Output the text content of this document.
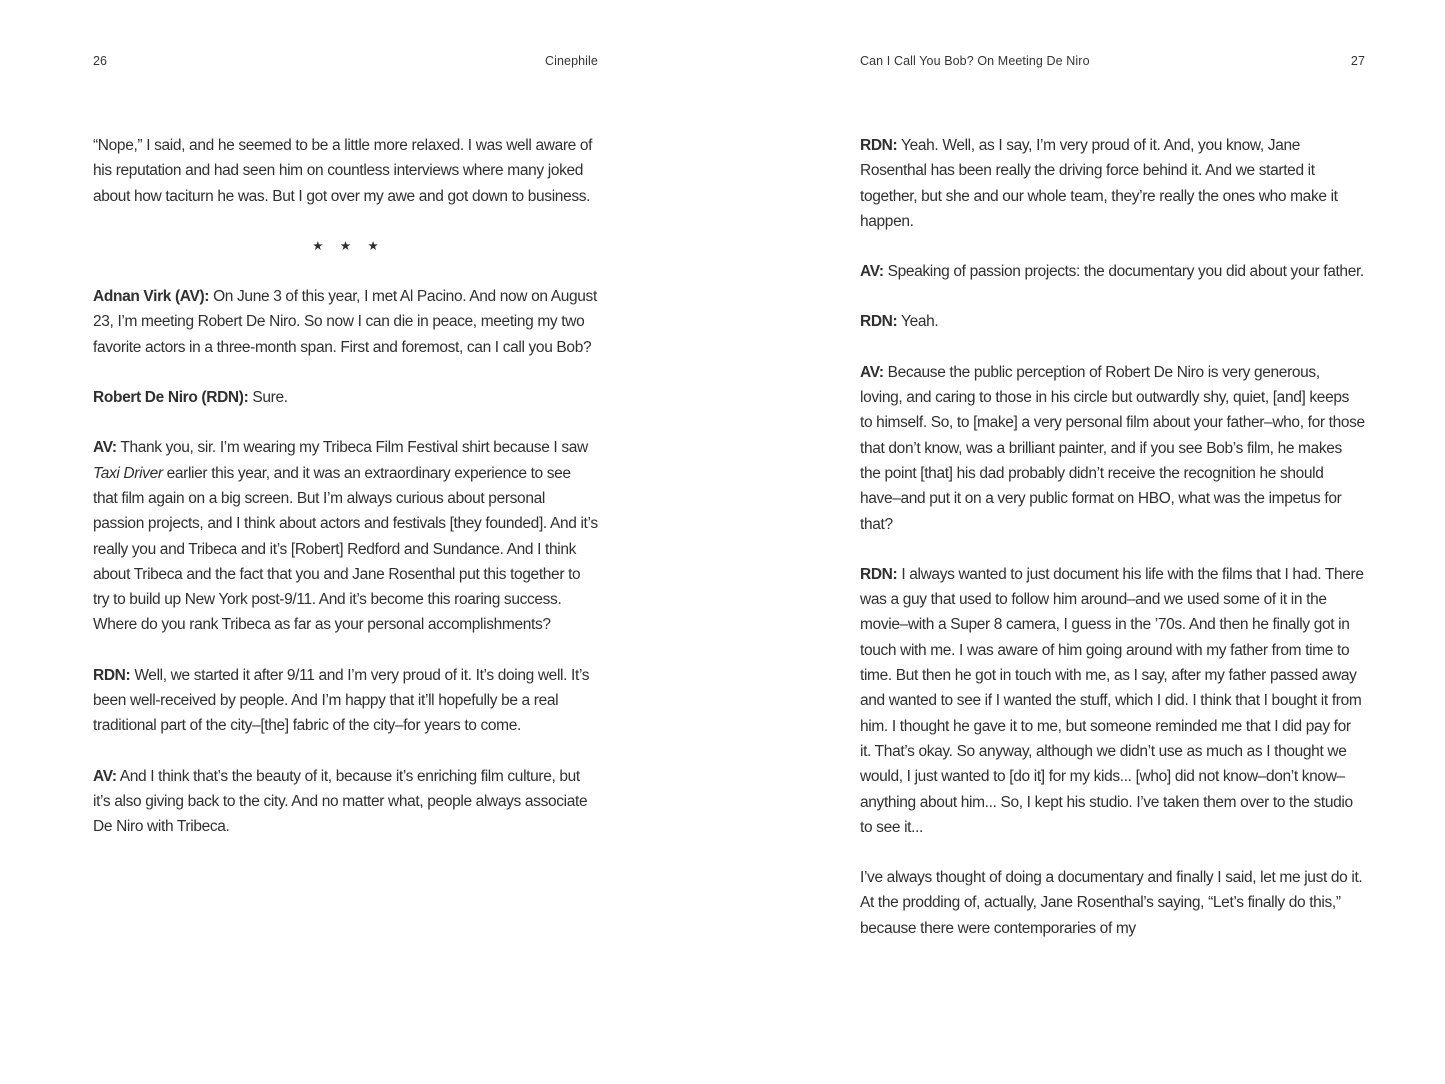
26	Cinephile

“Nope,” I said, and he seemed to be a little more relaxed. I was well aware of his reputation and had seen him on countless interviews where many joked about how taciturn he was. But I got over my awe and got down to business.

★ ★ ★

Adnan Virk (AV): On June 3 of this year, I met Al Pacino. And now on August 23, I’m meeting Robert De Niro. So now I can die in peace, meeting my two favorite actors in a three-month span. First and foremost, can I call you Bob?

Robert De Niro (RDN): Sure.

AV: Thank you, sir. I’m wearing my Tribeca Film Festival shirt because I saw Taxi Driver earlier this year, and it was an extraordinary experience to see that film again on a big screen. But I’m always curious about personal passion projects, and I think about actors and festivals [they founded]. And it’s really you and Tribeca and it’s [Robert] Redford and Sundance. And I think about Tribeca and the fact that you and Jane Rosenthal put this together to try to build up New York post-9/11. And it’s become this roaring success. Where do you rank Tribeca as far as your personal accomplishments?

RDN: Well, we started it after 9/11 and I’m very proud of it. It’s doing well. It’s been well-received by people. And I’m happy that it’ll hopefully be a real traditional part of the city–[the] fabric of the city–for years to come.

AV: And I think that’s the beauty of it, because it’s enriching film culture, but it’s also giving back to the city. And no matter what, people always associate De Niro with Tribeca.

Can I Call You Bob? On Meeting De Niro	27

RDN: Yeah. Well, as I say, I’m very proud of it. And, you know, Jane Rosenthal has been really the driving force behind it. And we started it together, but she and our whole team, they’re really the ones who make it happen.

AV: Speaking of passion projects: the documentary you did about your father.

RDN: Yeah.

AV: Because the public perception of Robert De Niro is very generous, loving, and caring to those in his circle but outwardly shy, quiet, [and] keeps to himself. So, to [make] a very personal film about your father–who, for those that don’t know, was a brilliant painter, and if you see Bob’s film, he makes the point [that] his dad probably didn’t receive the recognition he should have–and put it on a very public format on HBO, what was the impetus for that?

RDN: I always wanted to just document his life with the films that I had. There was a guy that used to follow him around–and we used some of it in the movie–with a Super 8 camera, I guess in the ’70s. And then he finally got in touch with me. I was aware of him going around with my father from time to time. But then he got in touch with me, as I say, after my father passed away and wanted to see if I wanted the stuff, which I did. I think that I bought it from him. I thought he gave it to me, but someone reminded me that I did pay for it. That’s okay. So anyway, although we didn’t use as much as I thought we would, I just wanted to [do it] for my kids... [who] did not know–don’t know–anything about him... So, I kept his studio. I’ve taken them over to the studio to see it...

I’ve always thought of doing a documentary and finally I said, let me just do it. At the prodding of, actually, Jane Rosenthal’s saying, “Let’s finally do this,” because there were contemporaries of my
